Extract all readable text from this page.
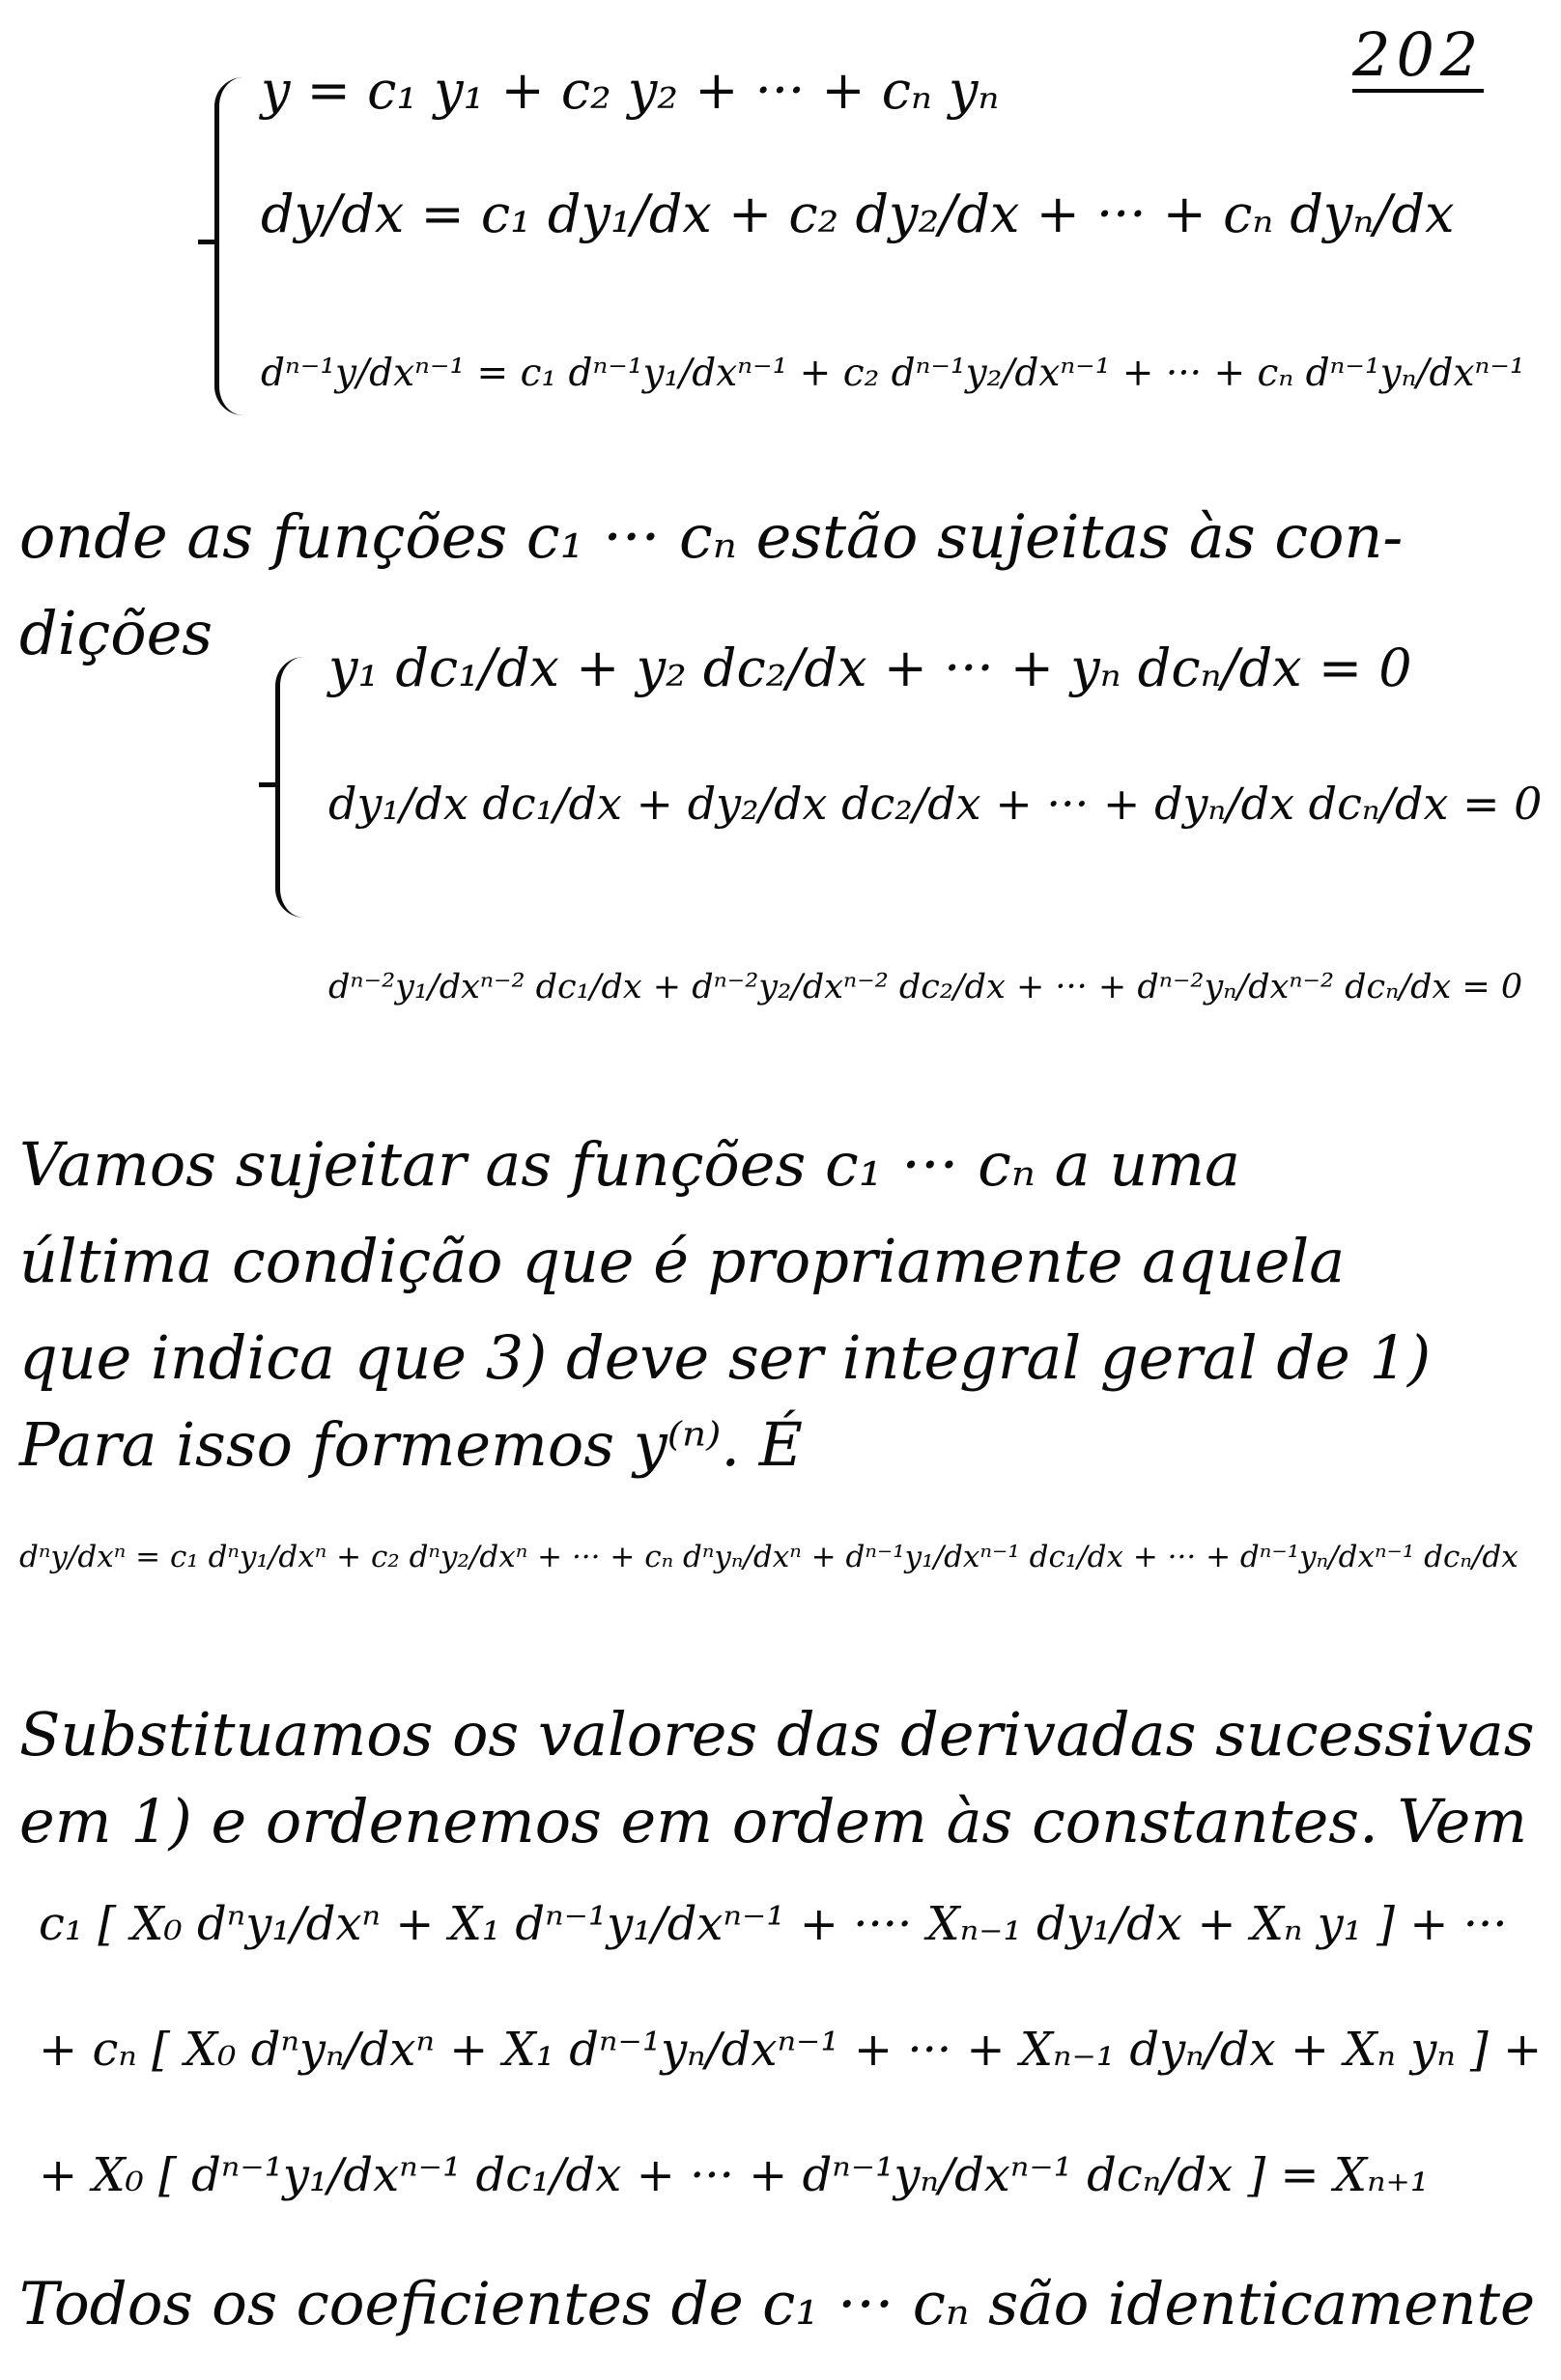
202
y = c₁ y₁ + c₂ y₂ + ··· + cₙ yₙ
dy/dx = c₁ dy₁/dx + c₂ dy₂/dx + ··· + cₙ dyₙ/dx
dⁿ⁻¹y/dxⁿ⁻¹ = c₁ dⁿ⁻¹y₁/dxⁿ⁻¹ + c₂ dⁿ⁻¹y₂/dxⁿ⁻¹ + ··· + cₙ dⁿ⁻¹yₙ/dxⁿ⁻¹
onde as funções c₁ ··· cₙ estão sujeitas às con-
dições y₁ dc₁/dx + y₂ dc₂/dx + ··· + yₙ dcₙ/dx = 0
dy₁/dx dc₁/dx + dy₂/dx dc₂/dx + ··· + dyₙ/dx dcₙ/dx = 0
dⁿ⁻²y₁/dxⁿ⁻² dc₁/dx + dⁿ⁻²y₂/dxⁿ⁻² dc₂/dx + ··· + dⁿ⁻²yₙ/dxⁿ⁻² dcₙ/dx = 0
Vamos sujeitar as funções c₁ ··· cₙ a uma
última condição que é propriamente aquela
que indica que 3) deve ser integral geral de 1)
Para isso formemos y⁽ⁿ⁾. É
dⁿy/dxⁿ = c₁ dⁿy₁/dxⁿ + c₂ dⁿy₂/dxⁿ + ··· + cₙ dⁿyₙ/dxⁿ + dⁿ⁻¹y₁/dxⁿ⁻¹ dc₁/dx + ··· + dⁿ⁻¹yₙ/dxⁿ⁻¹ dcₙ/dx
Substituamos os valores das derivadas sucessivas
em 1) e ordenemos em ordem às constantes. Vem
c₁ [ X₀ dⁿy₁/dxⁿ + X₁ dⁿ⁻¹y₁/dxⁿ⁻¹ + ···· Xₙ₋₁ dy₁/dx + Xₙ y₁ ] + ···
+ cₙ [ X₀ dⁿyₙ/dxⁿ + X₁ dⁿ⁻¹yₙ/dxⁿ⁻¹ + ··· + Xₙ₋₁ dyₙ/dx + Xₙ yₙ ] +
+ X₀ [ dⁿ⁻¹y₁/dxⁿ⁻¹ dc₁/dx + ··· + dⁿ⁻¹yₙ/dxⁿ⁻¹ dcₙ/dx ] = Xₙ₊₁
Todos os coeficientes de c₁ ··· cₙ são identicamente
